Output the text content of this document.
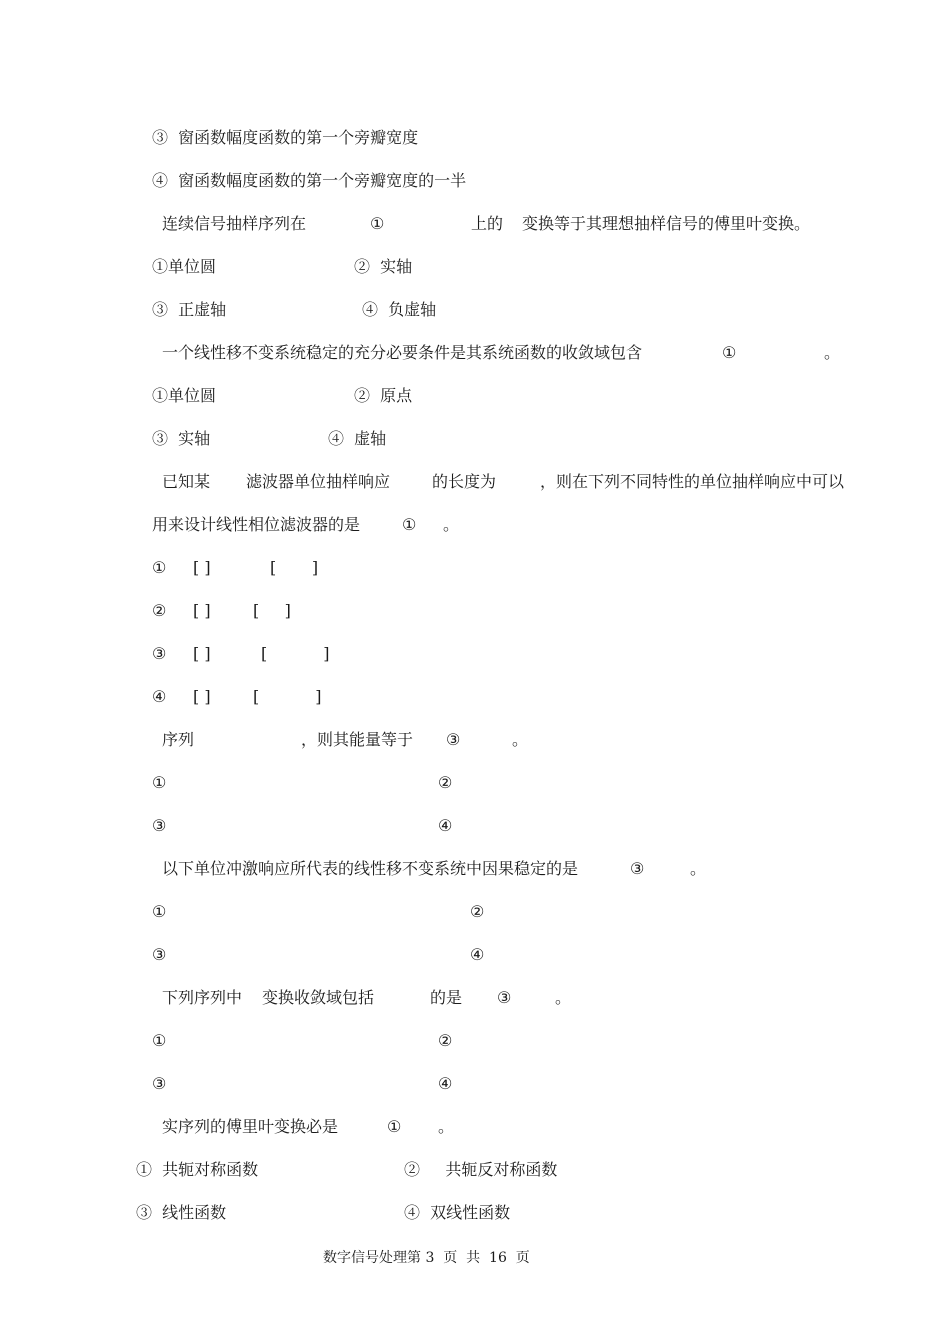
③  窗函数幅度函数的第一个旁瓣宽度
④  窗函数幅度函数的第一个旁瓣宽度的一半
连续信号抽样序列在	①	上的 变换等于其理想抽样信号的傅里叶变换。
①单位圆	②  实轴
③  正虚轴	④  负虚轴
一个线性移不变系统稳定的充分必要条件是其系统函数的收敛域包含	①	。
①单位圆	②  原点
③  实轴	④  虚轴
已知某 滤波器单位抽样响应	的长度为	，则在下列不同特性的单位抽样响应中可以
用来设计线性相位滤波器的是	① 。
① [ ]	[       ]
② [ ]	[     ]
③ [ ]	[           ]
④ [ ]	[           ]
序列	，则其能量等于 ③	。
①	②
③	④
以下单位冲激响应所代表的线性移不变系统中因果稳定的是	③	。
①	②
③	④
下列序列中 变换收敛域包括	的是 ③	。
①	②
③	④
实序列的傅里叶变换必是	① 。
①  共轭对称函数	②     共轭反对称函数
③  线性函数	④  双线性函数
数字信号处理第 3  页  共  16  页
